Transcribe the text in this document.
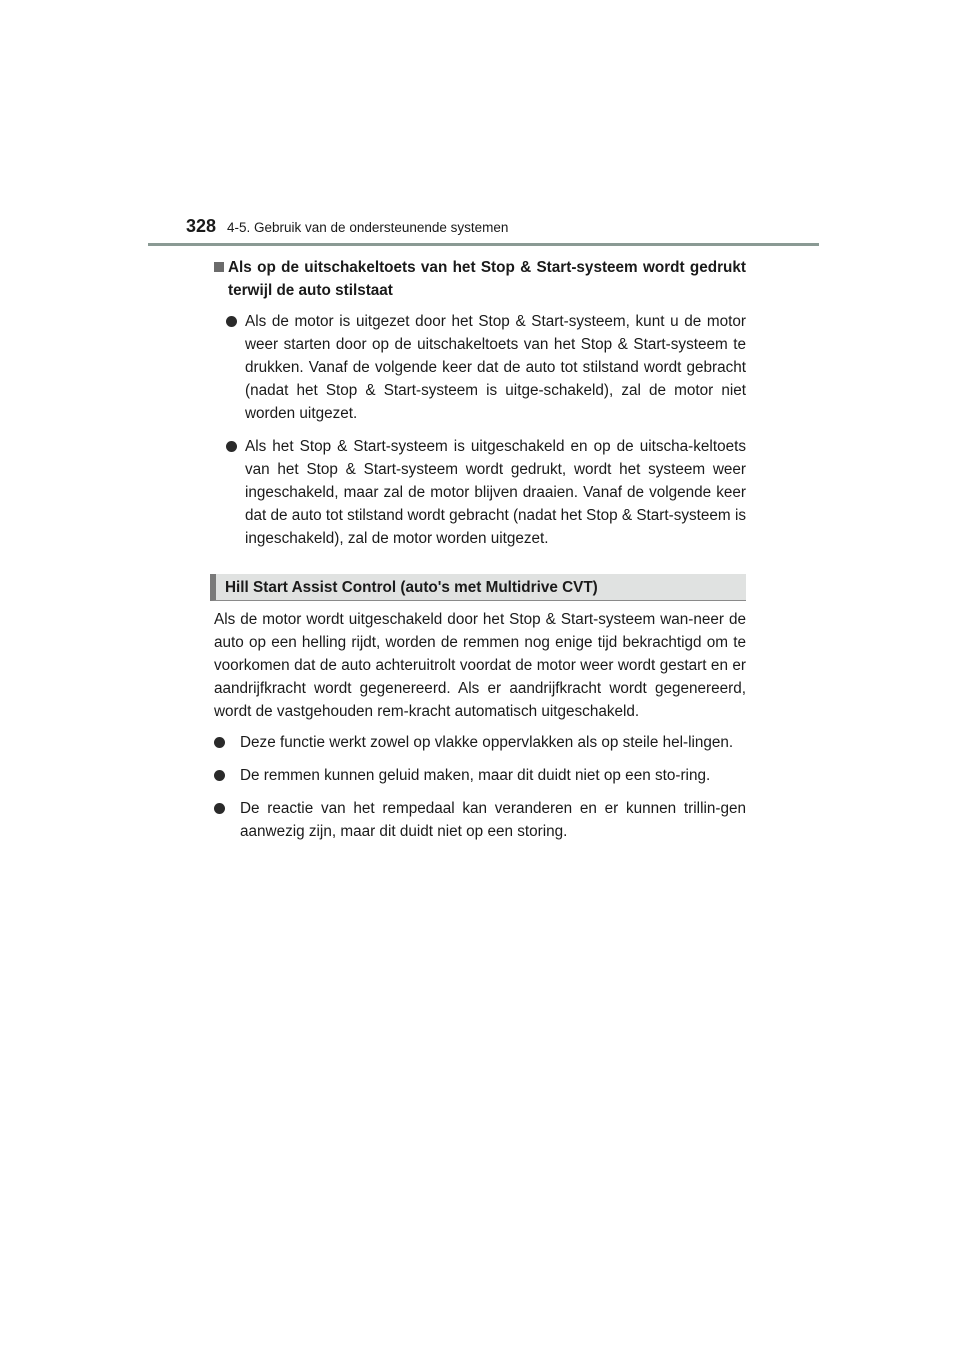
328 4-5. Gebruik van de ondersteunende systemen
Als op de uitschakeltoets van het Stop & Start-systeem wordt gedrukt terwijl de auto stilstaat
Als de motor is uitgezet door het Stop & Start-systeem, kunt u de motor weer starten door op de uitschakeltoets van het Stop & Start-systeem te drukken. Vanaf de volgende keer dat de auto tot stilstand wordt gebracht (nadat het Stop & Start-systeem is uitge-schakeld), zal de motor niet worden uitgezet.
Als het Stop & Start-systeem is uitgeschakeld en op de uitscha-keltoets van het Stop & Start-systeem wordt gedrukt, wordt het systeem weer ingeschakeld, maar zal de motor blijven draaien. Vanaf de volgende keer dat de auto tot stilstand wordt gebracht (nadat het Stop & Start-systeem is ingeschakeld), zal de motor worden uitgezet.
Hill Start Assist Control (auto's met Multidrive CVT)
Als de motor wordt uitgeschakeld door het Stop & Start-systeem wan-neer de auto op een helling rijdt, worden de remmen nog enige tijd bekrachtigd om te voorkomen dat de auto achteruitrolt voordat de motor weer wordt gestart en er aandrijfkracht wordt gegenereerd. Als er aandrijfkracht wordt gegenereerd, wordt de vastgehouden rem-kracht automatisch uitgeschakeld.
Deze functie werkt zowel op vlakke oppervlakken als op steile hel-lingen.
De remmen kunnen geluid maken, maar dit duidt niet op een sto-ring.
De reactie van het rempedaal kan veranderen en er kunnen trillin-gen aanwezig zijn, maar dit duidt niet op een storing.
